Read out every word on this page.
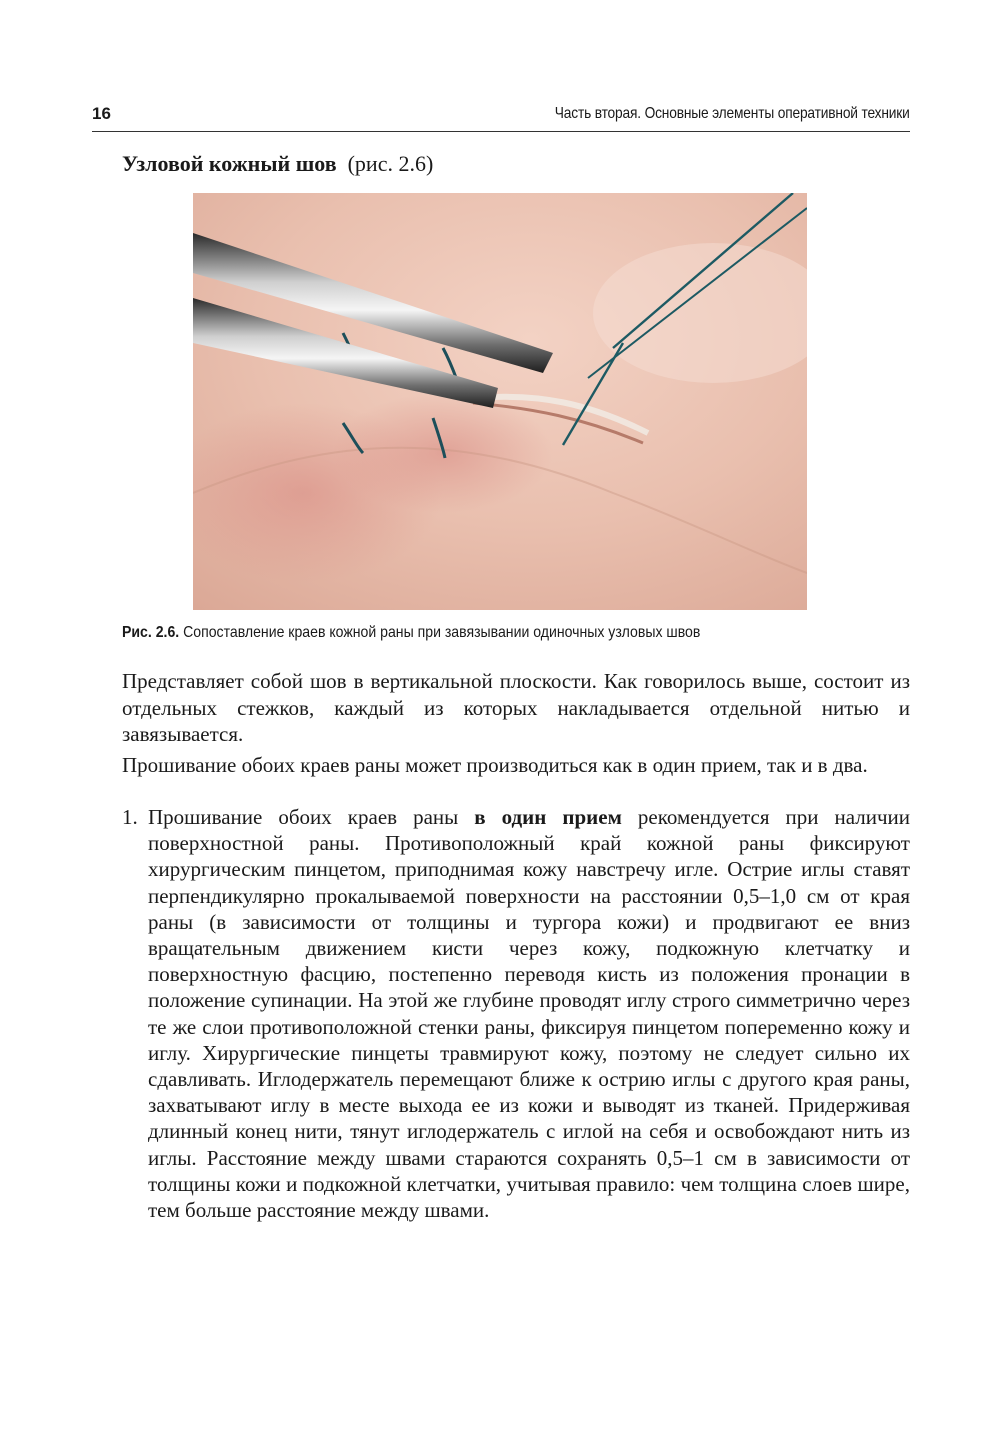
16	Часть вторая. Основные элементы оперативной техники
Узловой кожный шов (рис. 2.6)
Рис. 2.6. Сопоставление краев кожной раны при завязывании одиночных узловых швов
Представляет собой шов в вертикальной плоскости. Как говорилось выше, состоит из отдельных стежков, каждый из которых накладывается отдельной нитью и завязывается.
Прошивание обоих краев раны может производиться как в один прием, так и в два.
1. Прошивание обоих краев раны в один прием рекомендуется при наличии поверхностной раны. Противоположный край кожной раны фиксируют хирургическим пинцетом, приподнимая кожу навстречу игле. Острие иглы ставят перпендикулярно прокалываемой поверхности на расстоянии 0,5–1,0 см от края раны (в зависимости от толщины и тургора кожи) и продвигают ее вниз вращательным движением кисти через кожу, подкожную клетчатку и поверхностную фасцию, постепенно переводя кисть из положения пронации в положение супинации. На этой же глубине проводят иглу строго симметрично через те же слои противоположной стенки раны, фиксируя пинцетом попеременно кожу и иглу. Хирургические пинцеты травмируют кожу, поэтому не следует сильно их сдавливать. Иглодержатель перемещают ближе к острию иглы с другого края раны, захватывают иглу в месте выхода ее из кожи и выводят из тканей. Придерживая длинный конец нити, тянут иглодержатель с иглой на себя и освобождают нить из иглы. Расстояние между швами стараются сохранять 0,5–1 см в зависимости от толщины кожи и подкожной клетчатки, учитывая правило: чем толщина слоев шире, тем больше расстояние между швами.
